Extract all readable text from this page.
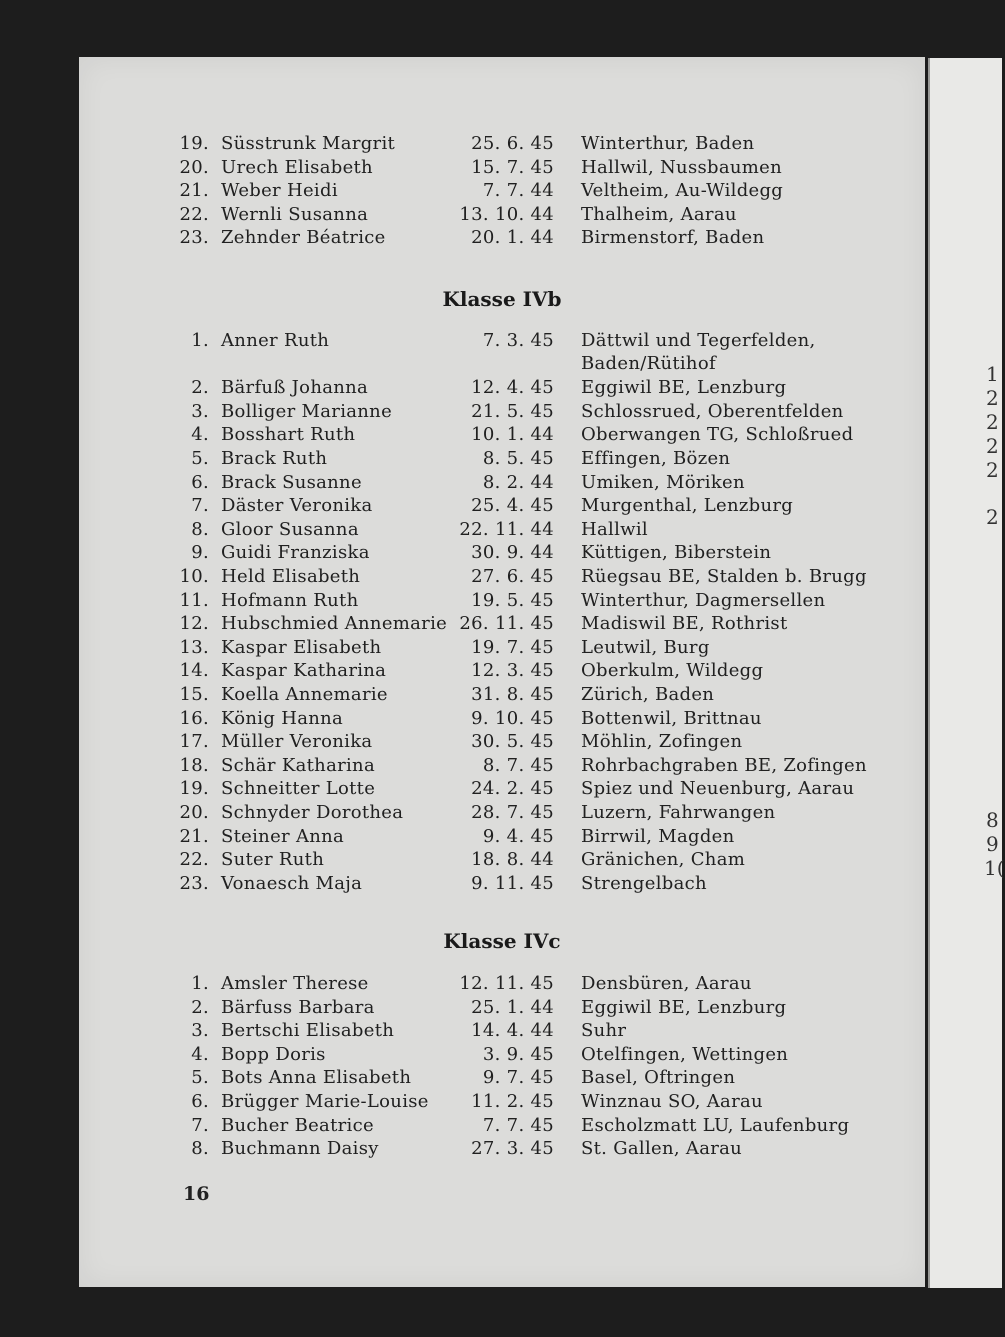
1
2
2
2
2
2
8
9
1(
Klasse IVb
Klasse IVc
16
19. Süsstrunk Margrit	25. 6. 45 Winterthur, Baden
20. Urech Elisabeth	15. 7. 45 Hallwil, Nussbaumen
21. Weber Heidi	7. 7. 44 Veltheim, Au-Wildegg
22. Wernli Susanna	13. 10. 44 Thalheim, Aarau
23. Zehnder Béatrice	20. 1. 44 Birmenstorf, Baden
1. Anner Ruth	7. 3. 45 Dättwil und Tegerfelden,
Baden/Rütihof
2. Bärfuß Johanna	12. 4. 45 Eggiwil BE, Lenzburg
3. Bolliger Marianne	21. 5. 45 Schlossrued, Oberentfelden
4. Bosshart Ruth	10. 1. 44 Oberwangen TG, Schloßrued
5. Brack Ruth	8. 5. 45 Effingen, Bözen
6. Brack Susanne	8. 2. 44 Umiken, Möriken
7. Däster Veronika	25. 4. 45 Murgenthal, Lenzburg
8. Gloor Susanna	22. 11. 44 Hallwil
9. Guidi Franziska	30. 9. 44 Küttigen, Biberstein
10. Held Elisabeth	27. 6. 45 Rüegsau BE, Stalden b. Brugg
11. Hofmann Ruth	19. 5. 45 Winterthur, Dagmersellen
12. Hubschmied Annemarie 26. 11. 45 Madiswil BE, Rothrist
13. Kaspar Elisabeth	19. 7. 45 Leutwil, Burg
14. Kaspar Katharina	12. 3. 45 Oberkulm, Wildegg
15. Koella Annemarie	31. 8. 45 Zürich, Baden
16. König Hanna	9. 10. 45 Bottenwil, Brittnau
17. Müller Veronika	30. 5. 45 Möhlin, Zofingen
18. Schär Katharina	8. 7. 45 Rohrbachgraben BE, Zofingen
19. Schneitter Lotte	24. 2. 45 Spiez und Neuenburg, Aarau
20. Schnyder Dorothea	28. 7. 45 Luzern, Fahrwangen
21. Steiner Anna	9. 4. 45 Birrwil, Magden
22. Suter Ruth	18. 8. 44 Gränichen, Cham
23. Vonaesch Maja	9. 11. 45 Strengelbach
1. Amsler Therese	12. 11. 45 Densbüren, Aarau
2. Bärfuss Barbara	25. 1. 44 Eggiwil BE, Lenzburg
3. Bertschi Elisabeth	14. 4. 44 Suhr
4. Bopp Doris	3. 9. 45 Otelfingen, Wettingen
5. Bots Anna Elisabeth	9. 7. 45 Basel, Oftringen
6. Brügger Marie-Louise	11. 2. 45 Winznau SO, Aarau
7. Bucher Beatrice	7. 7. 45 Escholzmatt LU, Laufenburg
8. Buchmann Daisy	27. 3. 45 St. Gallen, Aarau
